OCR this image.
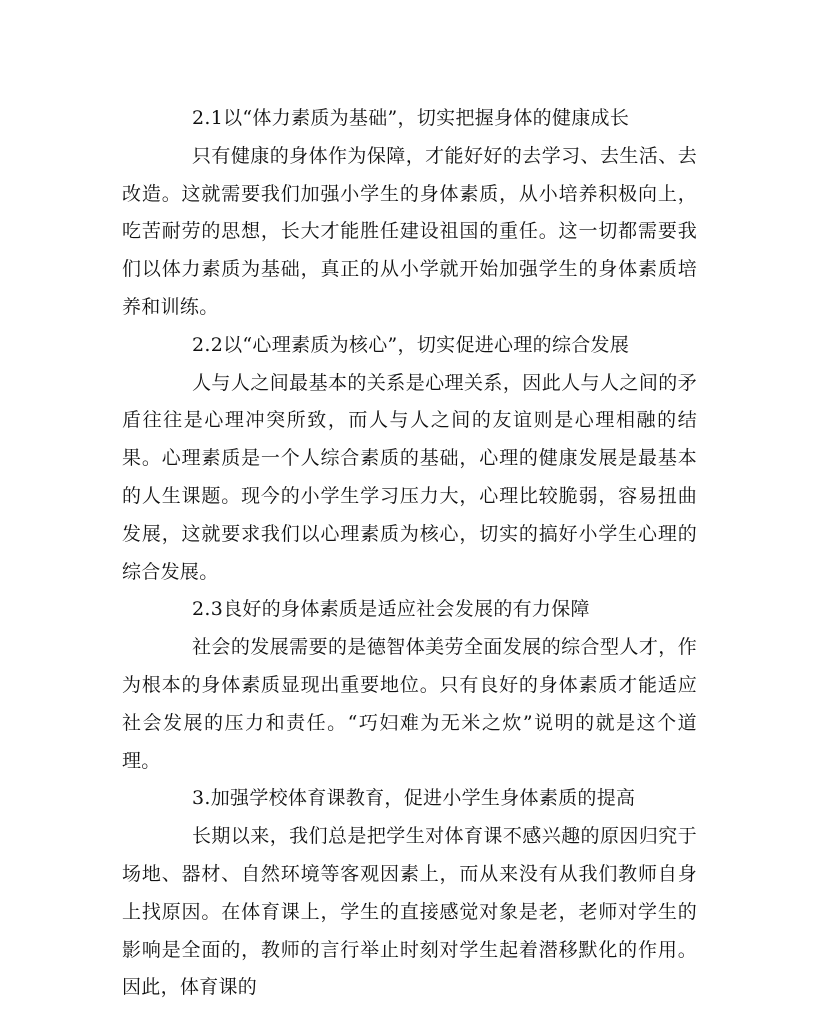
2.1以“体力素质为基础”，切实把握身体的健康成长

只有健康的身体作为保障，才能好好的去学习、去生活、去改造。这就需要我们加强小学生的身体素质，从小培养积极向上，吃苦耐劳的思想，长大才能胜任建设祖国的重任。这一切都需要我们以体力素质为基础，真正的从小学就开始加强学生的身体素质培养和训练。

2.2以“心理素质为核心”，切实促进心理的综合发展

人与人之间最基本的关系是心理关系，因此人与人之间的矛盾往往是心理冲突所致，而人与人之间的友谊则是心理相融的结果。心理素质是一个人综合素质的基础，心理的健康发展是最基本的人生课题。现今的小学生学习压力大，心理比较脆弱，容易扭曲发展，这就要求我们以心理素质为核心，切实的搞好小学生心理的综合发展。

2.3良好的身体素质是适应社会发展的有力保障

社会的发展需要的是德智体美劳全面发展的综合型人才，作为根本的身体素质显现出重要地位。只有良好的身体素质才能适应社会发展的压力和责任。“巧妇难为无米之炊”说明的就是这个道理。

3.加强学校体育课教育，促进小学生身体素质的提高

长期以来，我们总是把学生对体育课不感兴趣的原因归究于场地、器材、自然环境等客观因素上，而从来没有从我们教师自身上找原因。在体育课上，学生的直接感觉对象是老，老师对学生的影响是全面的，教师的言行举止时刻对学生起着潜移默化的作用。因此，体育课的
